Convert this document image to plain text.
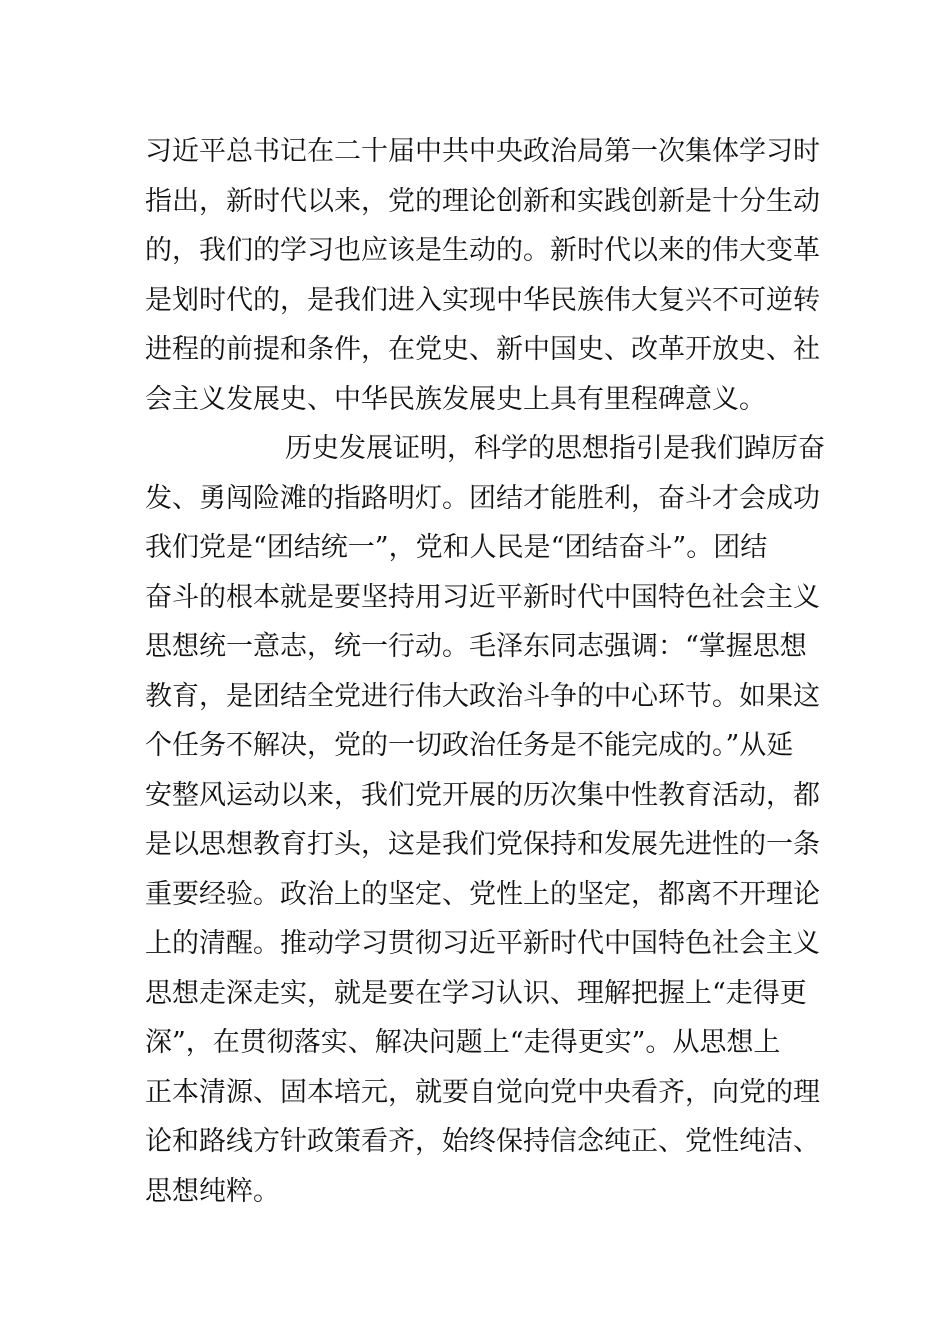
习近平总书记在二十届中共中央政治局第一次集体学习时
指出，新时代以来，党的理论创新和实践创新是十分生动
的，我们的学习也应该是生动的。新时代以来的伟大变革
是划时代的，是我们进入实现中华民族伟大复兴不可逆转
进程的前提和条件，在党史、新中国史、改革开放史、社
会主义发展史、中华民族发展史上具有里程碑意义。
历史发展证明，科学的思想指引是我们踔厉奋
发、勇闯险滩的指路明灯。团结才能胜利，奋斗才会成功
我们党是“团结统一”，党和人民是“团结奋斗”。团结
奋斗的根本就是要坚持用习近平新时代中国特色社会主义
思想统一意志，统一行动。毛泽东同志强调：“掌握思想
教育，是团结全党进行伟大政治斗争的中心环节。如果这
个任务不解决，党的一切政治任务是不能完成的。”从延
安整风运动以来，我们党开展的历次集中性教育活动，都
是以思想教育打头，这是我们党保持和发展先进性的一条
重要经验。政治上的坚定、党性上的坚定，都离不开理论
上的清醒。推动学习贯彻习近平新时代中国特色社会主义
思想走深走实，就是要在学习认识、理解把握上“走得更
深”，在贯彻落实、解决问题上“走得更实”。从思想上
正本清源、固本培元，就要自觉向党中央看齐，向党的理
论和路线方针政策看齐，始终保持信念纯正、党性纯洁、
思想纯粹。
